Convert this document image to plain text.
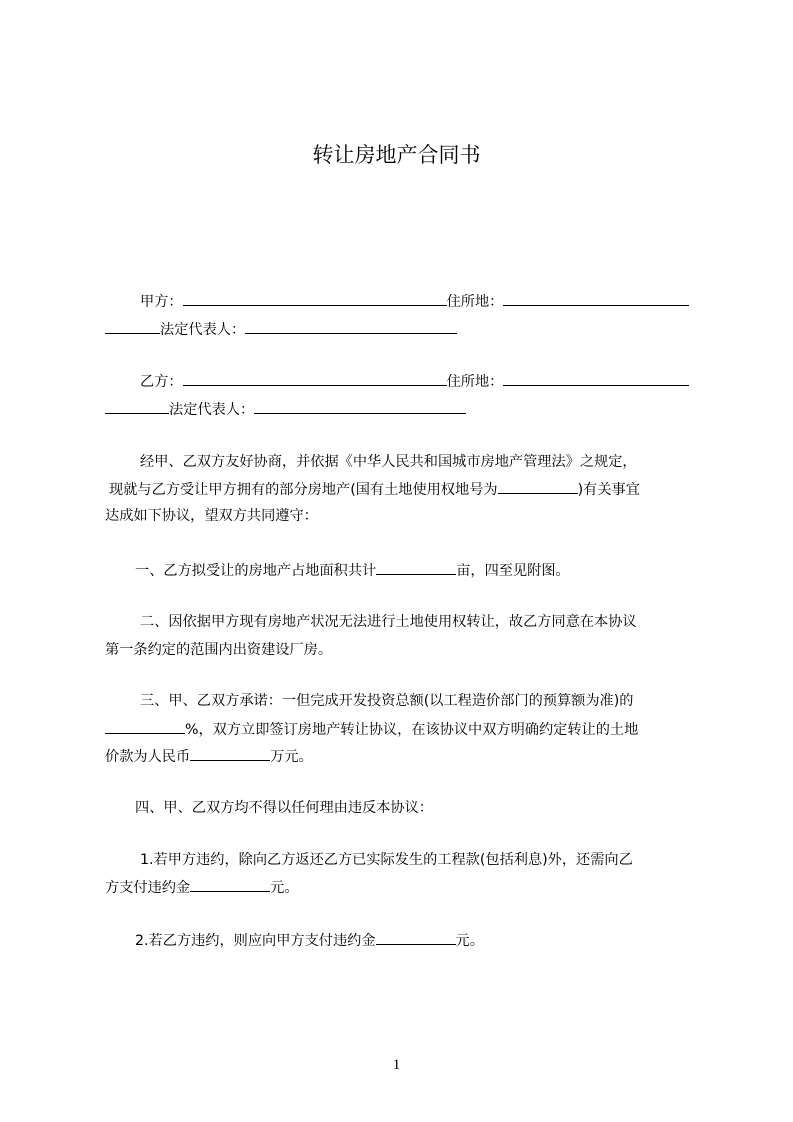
转让房地产合同书
甲方：	住所地：
法定代表人：
乙方：	住所地：
法定代表人：
经甲、乙双方友好协商，并依据《中华人民共和国城市房地产管理法》之规定，
现就与乙方受让甲方拥有的部分房地产(国有土地使用权地号为	)有关事宜
达成如下协议，望双方共同遵守：
一、乙方拟受让的房地产占地面积共计	亩，四至见附图。
二、因依据甲方现有房地产状况无法进行土地使用权转让，故乙方同意在本协议
第一条约定的范围内出资建设厂房。
三、甲、乙双方承诺：一但完成开发投资总额(以工程造价部门的预算额为准)的
%，双方立即签订房地产转让协议，在该协议中双方明确约定转让的土地
价款为人民币	万元。
四、甲、乙双方均不得以任何理由违反本协议：
1.若甲方违约，除向乙方返还乙方已实际发生的工程款(包括利息)外，还需向乙
方支付违约金	元。
2.若乙方违约，则应向甲方支付违约金	元。
1
